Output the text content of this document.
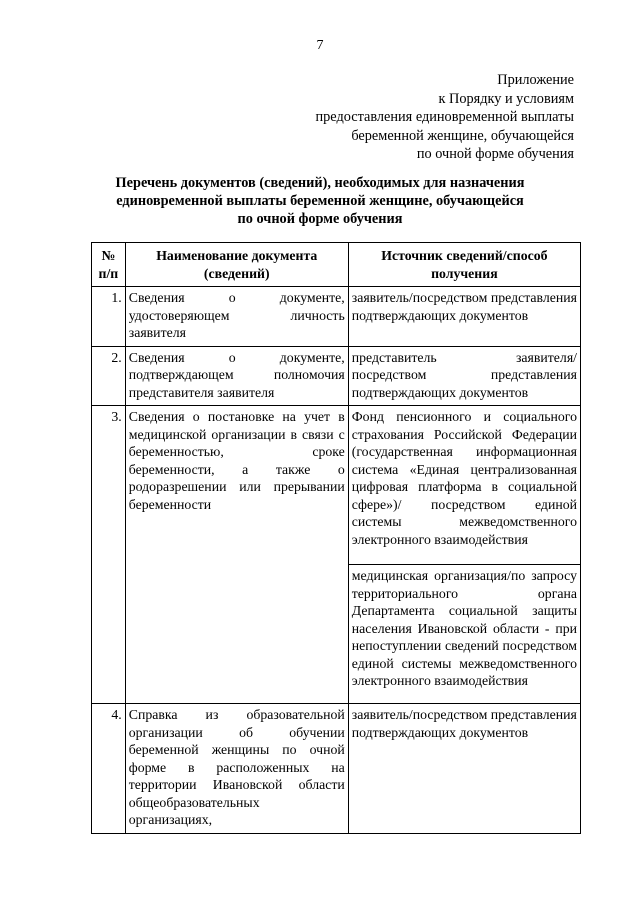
7
Приложение
к Порядку и условиям
предоставления единовременной выплаты
беременной женщине, обучающейся
по очной форме обучения
Перечень документов (сведений), необходимых для назначения
единовременной выплаты беременной женщине, обучающейся
по очной форме обучения
№ п/п	Наименование документа (сведений)	Источник сведений/способ получения
1.	Сведения о документе, удостоверяющем личность заявителя	заявитель/посредством представления подтверждающих документов
2.	Сведения о документе, подтверждающем полномочия представителя заявителя	представитель заявителя/ посредством представления подтверждающих документов
3.	Сведения о постановке на учет в медицинской организации в связи с беременностью, сроке беременности, а также о родоразрешении или прерывании беременности	Фонд пенсионного и социального страхования Российской Федерации (государственная информационная система «Единая централизованная цифровая платформа в социальной сфере»)/ посредством единой системы межведомственного электронного взаимодействия
		медицинская организация/по запросу территориального органа Департамента социальной защиты населения Ивановской области - при непоступлении сведений посредством единой системы межведомственного электронного взаимодействия
4.	Справка из образовательной организации об обучении беременной женщины по очной форме в расположенных на территории Ивановской области общеобразовательных организациях,	заявитель/посредством представления подтверждающих документов
